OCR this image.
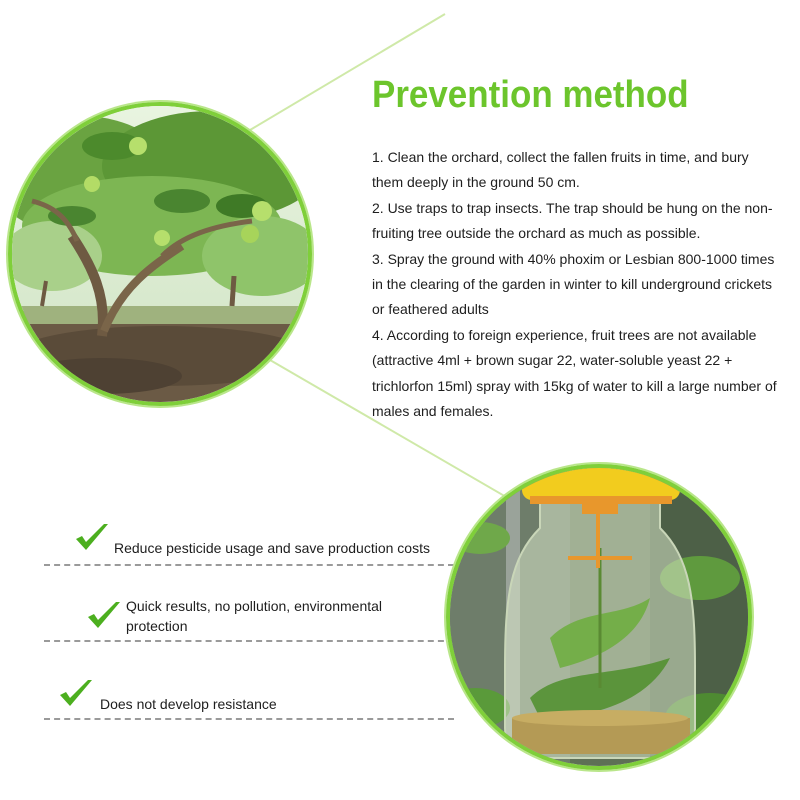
Prevention method

1. Clean the orchard, collect the fallen fruits in time, and bury them deeply in the ground 50 cm.

2. Use traps to trap insects. The trap should be hung on the non-fruiting tree outside the orchard as much as possible.

3. Spray the ground with 40% phoxim or Lesbian 800-1000 times in the clearing of the garden in winter to kill underground crickets or feathered adults

4. According to foreign experience, fruit trees are not available (attractive 4ml + brown sugar 22, water-soluble yeast 22 + trichlorfon 15ml) spray with 15kg of water to kill a large number of males and females.

Reduce pesticide usage and save production costs
Quick results, no pollution, environmental
protection
Does not develop resistance
